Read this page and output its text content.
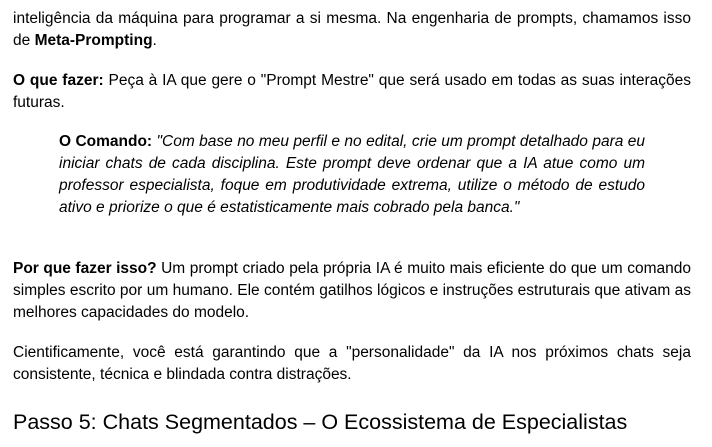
inteligência da máquina para programar a si mesma. Na engenharia de prompts, chamamos isso de Meta-Prompting.

O que fazer: Peça à IA que gere o "Prompt Mestre" que será usado em todas as suas interações futuras.

O Comando: "Com base no meu perfil e no edital, crie um prompt detalhado para eu iniciar chats de cada disciplina. Este prompt deve ordenar que a IA atue como um professor especialista, foque em produtividade extrema, utilize o método de estudo ativo e priorize o que é estatisticamente mais cobrado pela banca."

Por que fazer isso? Um prompt criado pela própria IA é muito mais eficiente do que um comando simples escrito por um humano. Ele contém gatilhos lógicos e instruções estruturais que ativam as melhores capacidades do modelo.

Cientificamente, você está garantindo que a "personalidade" da IA nos próximos chats seja consistente, técnica e blindada contra distrações.

Passo 5: Chats Segmentados – O Ecossistema de Especialistas
